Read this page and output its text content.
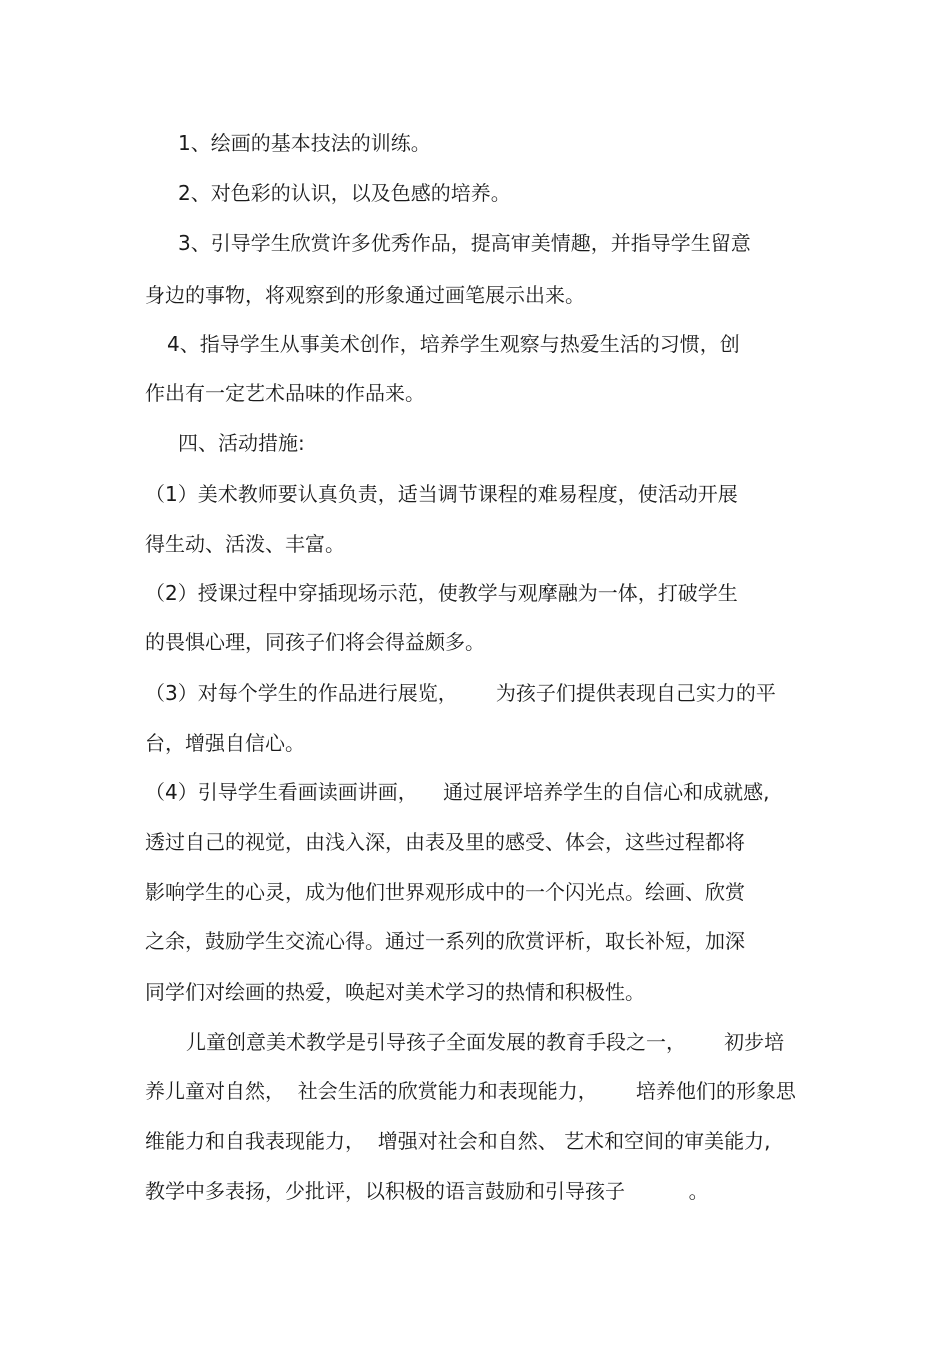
1、绘画的基本技法的训练。
2、对色彩的认识，以及色感的培养。
3、引导学生欣赏许多优秀作品，提高审美情趣，并指导学生留意
身边的事物，将观察到的形象通过画笔展示出来。
4、指导学生从事美术创作，培养学生观察与热爱生活的习惯，创
作出有一定艺术品味的作品来。
四、活动措施:
（1）美术教师要认真负责，适当调节课程的难易程度，使活动开展
得生动、活泼、丰富。
（2）授课过程中穿插现场示范，使教学与观摩融为一体，打破学生
的畏惧心理，同孩子们将会得益颇多。
（3）对每个学生的作品进行展览，      为孩子们提供表现自己实力的平
台，增强自信心。
（4）引导学生看画读画讲画，    通过展评培养学生的自信心和成就感,
透过自己的视觉，由浅入深，由表及里的感受、体会，这些过程都将
影响学生的心灵，成为他们世界观形成中的一个闪光点。绘画、欣赏
之余，鼓励学生交流心得。通过一系列的欣赏评析，取长补短，加深
同学们对绘画的热爱，唤起对美术学习的热情和积极性。
儿童创意美术教学是引导孩子全面发展的教育手段之一，      初步培
养儿童对自然，  社会生活的欣赏能力和表现能力，      培养他们的形象思
维能力和自我表现能力，  增强对社会和自然、 艺术和空间的审美能力,
教学中多表扬，少批评，以积极的语言鼓励和引导孩子          。
